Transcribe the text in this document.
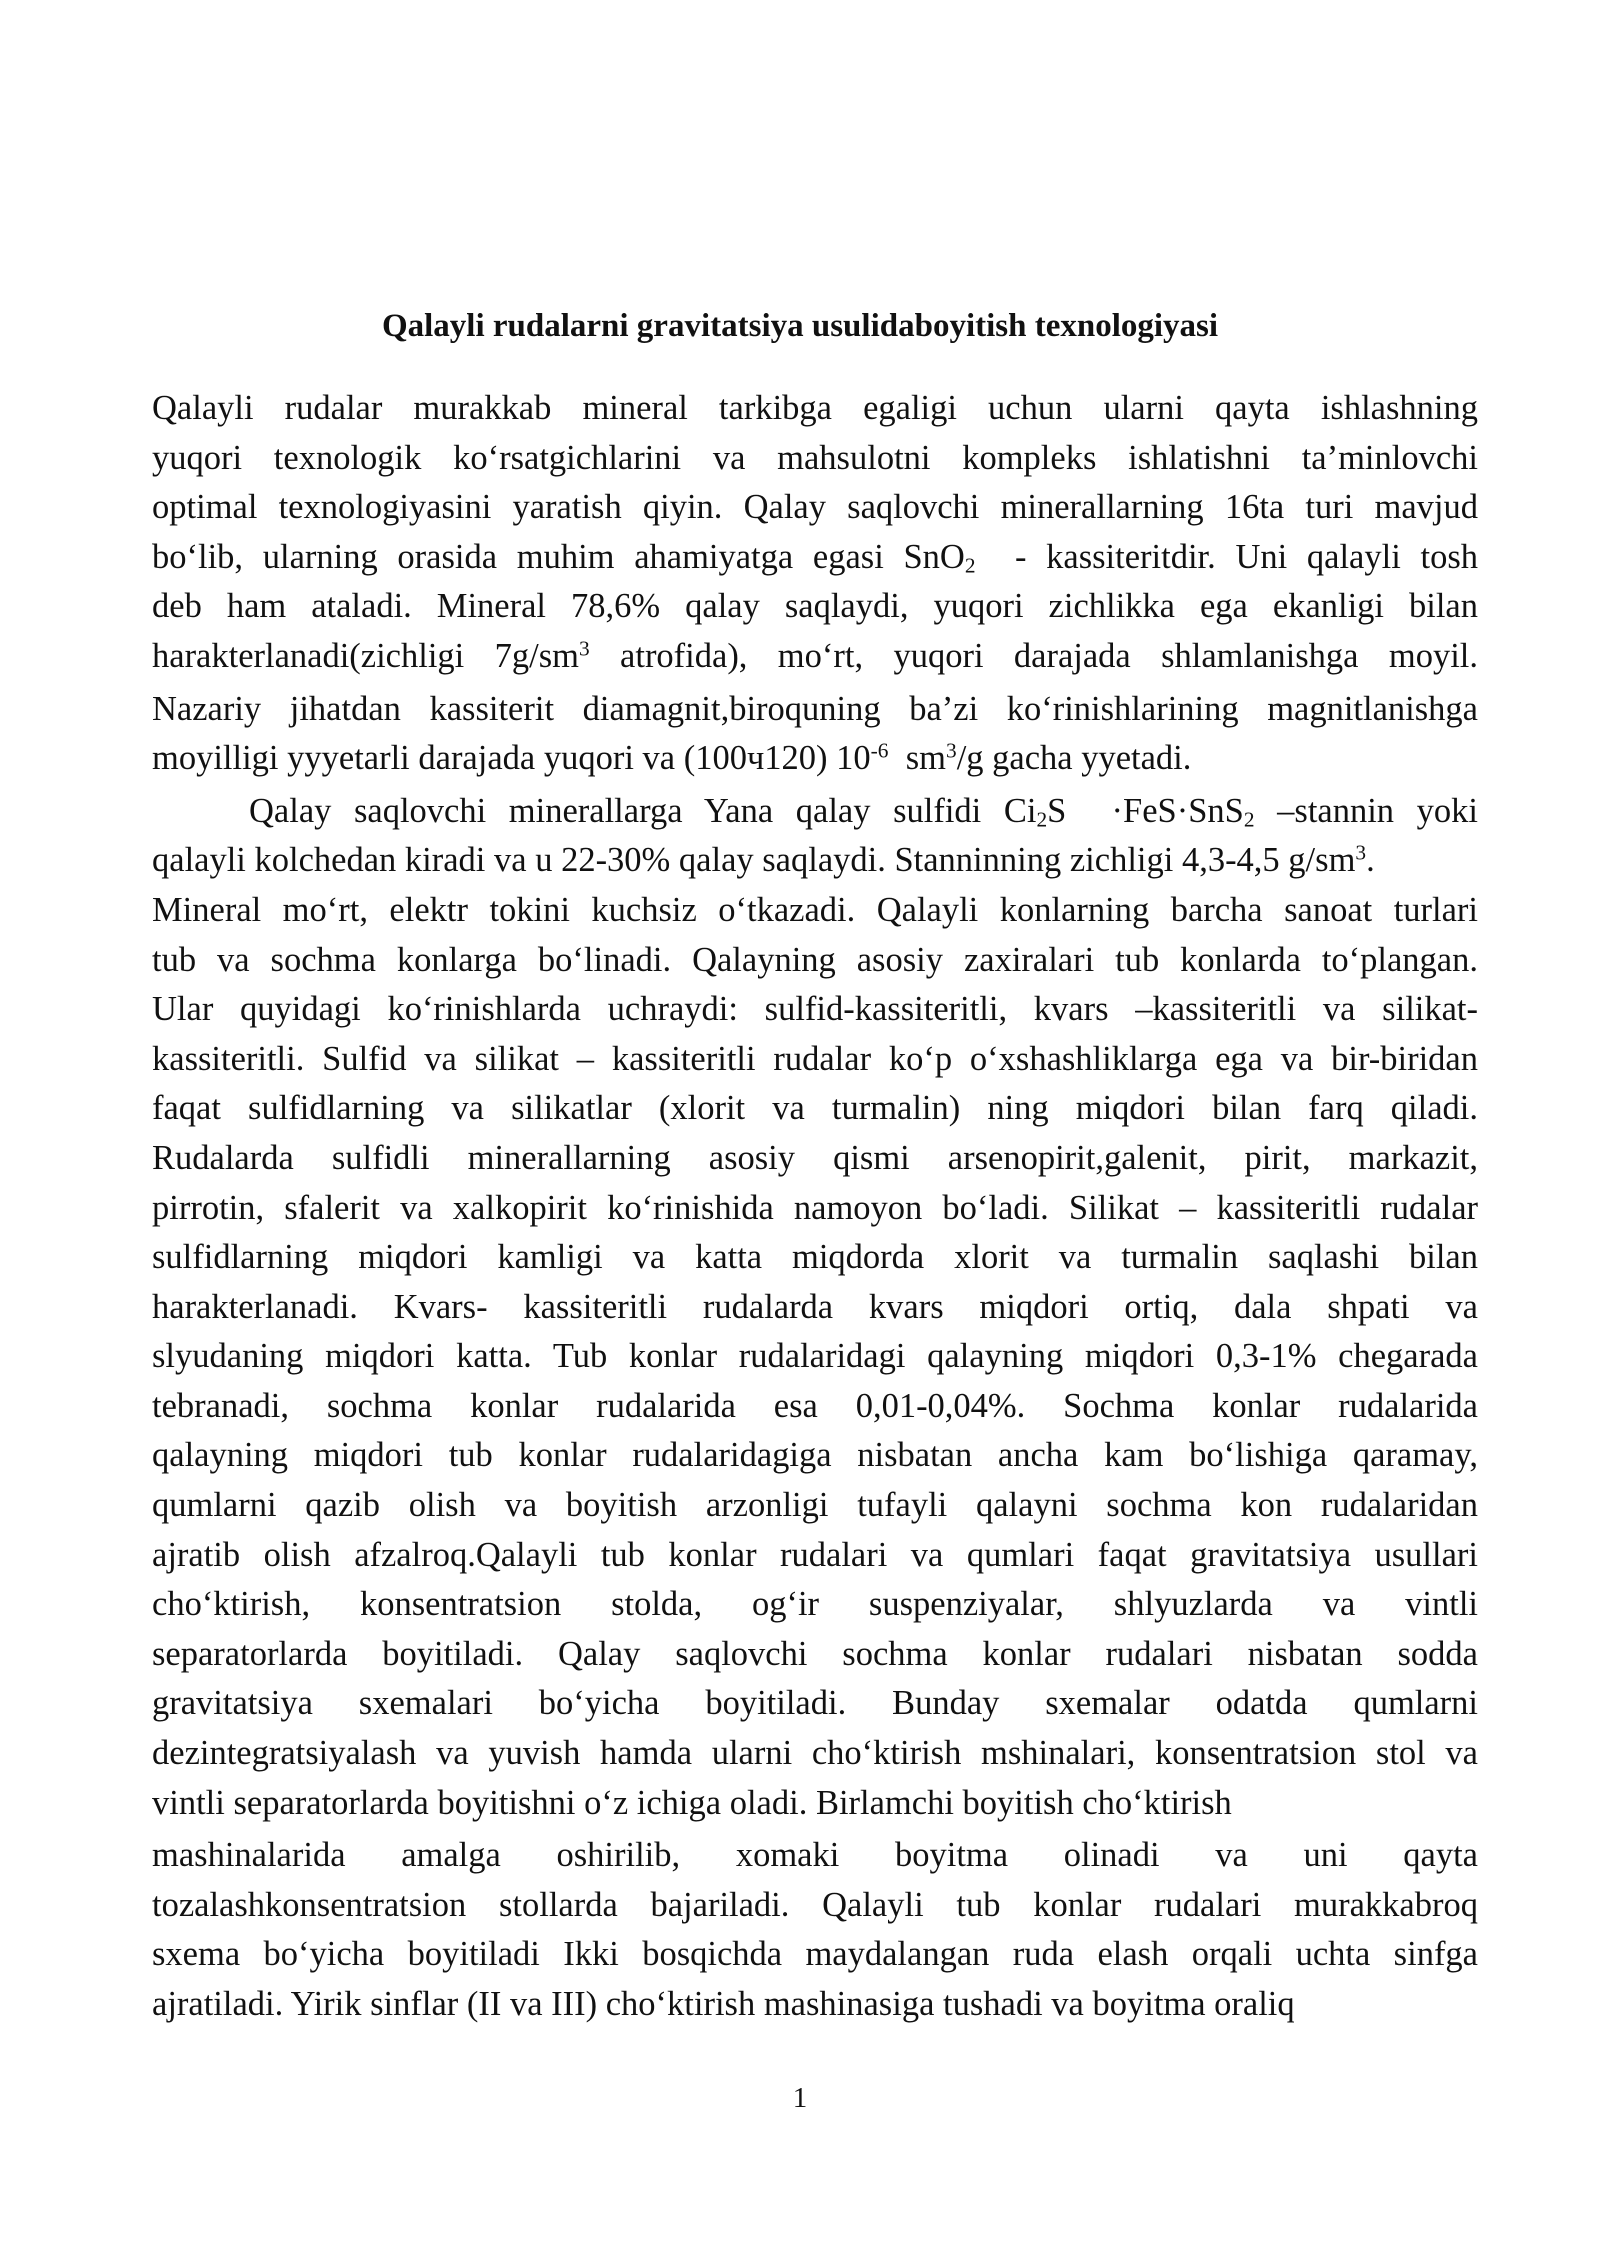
Qalayli rudalarni gravitatsiya usulidaboyitish texnologiyasi
Qalayli rudalar murakkab mineral tarkibga egaligi uchun ularni qayta ishlashning
yuqori texnologik ko‘rsatgichlarini va mahsulotni kompleks ishlatishni ta’minlovchi
optimal texnologiyasini yaratish qiyin. Qalay saqlovchi minerallarning 16ta turi mavjud
bo‘lib, ularning orasida muhim ahamiyatga egasi SnO$_2$  - kassiteritdir. Uni qalayli tosh
deb ham ataladi. Mineral 78,6% qalay saqlaydi, yuqori zichlikka ega ekanligi bilan
harakterlanadi(zichligi $7g/sm^3$ atrofida), mo‘rt, yuqori darajada shlamlanishga moyil.
Nazariy jihatdan kassiterit diamagnit,biroquning ba’zi ko‘rinishlarining magnitlanishga
moyilligi yyyetarli darajada yuqori va (100ч120) $10^{-6}$  $sm^3/g$ gacha yyetadi.
Qalay saqlovchi minerallarga Yana qalay sulfidi $Ci_2S \cdot FeS\cdot SnS_2$ –stannin yoki
qalayli kolchedan kiradi va u 22-30% qalay saqlaydi. Stanninning zichligi 4,3-4,5 $g/sm^3$.
Mineral mo‘rt, elektr tokini kuchsiz o‘tkazadi. Qalayli konlarning barcha sanoat turlari
tub va sochma konlarga bo‘linadi. Qalayning asosiy zaxiralari tub konlarda to‘plangan.
Ular quyidagi ko‘rinishlarda uchraydi: sulfid-kassiteritli, kvars –kassiteritli va silikat-
kassiteritli. Sulfid va silikat – kassiteritli rudalar ko‘p o‘xshashliklarga ega va bir-biridan
faqat sulfidlarning va silikatlar (xlorit va turmalin) ning miqdori bilan farq qiladi.
Rudalarda sulfidli minerallarning asosiy qismi arsenopirit,galenit, pirit, markazit,
pirrotin, sfalerit va xalkopirit ko‘rinishida namoyon bo‘ladi. Silikat – kassiteritli rudalar
sulfidlarning miqdori kamligi va katta miqdorda xlorit va turmalin saqlashi bilan
harakterlanadi. Kvars- kassiteritli rudalarda kvars miqdori ortiq, dala shpati va
slyudaning miqdori katta. Tub konlar rudalaridagi qalayning miqdori 0,3-1% chegarada
tebranadi, sochma konlar rudalarida esa 0,01-0,04%. Sochma konlar rudalarida
qalayning miqdori tub konlar rudalaridagiga nisbatan ancha kam bo‘lishiga qaramay,
qumlarni qazib olish va boyitish arzonligi tufayli qalayni sochma kon rudalaridan
ajratib olish afzalroq.Qalayli tub konlar rudalari va qumlari faqat gravitatsiya usullari
cho‘ktirish, konsentratsion stolda, og‘ir suspenziyalar, shlyuzlarda va vintli
separatorlarda boyitiladi. Qalay saqlovchi sochma konlar rudalari nisbatan sodda
gravitatsiya sxemalari bo‘yicha boyitiladi. Bunday sxemalar odatda qumlarni
dezintegratsiyalash va yuvish hamda ularni cho‘ktirish mshinalari, konsentratsion stol va
vintli separatorlarda boyitishni o‘z ichiga oladi. Birlamchi boyitish cho‘ktirish
mashinalarida amalga oshirilib, xomaki boyitma olinadi va uni qayta
tozalashkonsentratsion stollarda bajariladi. Qalayli tub konlar rudalari murakkabroq
sxema bo‘yicha boyitiladi Ikki bosqichda maydalangan ruda elash orqali uchta sinfga
ajratiladi. Yirik sinflar (II va III) cho‘ktirish mashinasiga tushadi va boyitma oraliq

1
